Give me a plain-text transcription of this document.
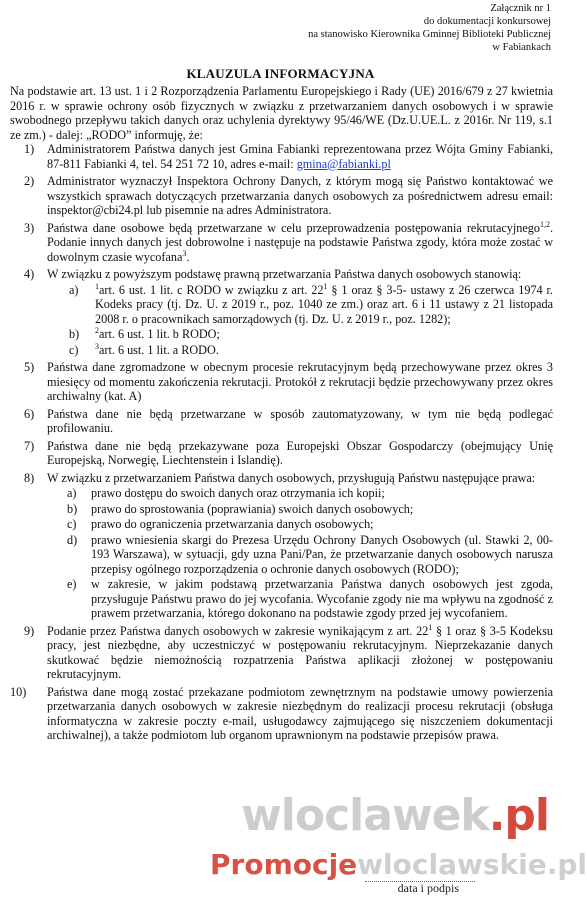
Załącznik nr 1
do dokumentacji konkursowej
na stanowisko Kierownika Gminnej Biblioteki Publicznej
w Fabiankach
KLAUZULA INFORMACYJNA

Na podstawie art. 13 ust. 1 i 2 Rozporządzenia Parlamentu Europejskiego i Rady (UE) 2016/679 z 27 kwietnia 2016 r. w sprawie ochrony osób fizycznych w związku z przetwarzaniem danych osobowych i w sprawie swobodnego przepływu takich danych oraz uchylenia dyrektywy 95/46/WE (Dz.U.UE.L. z 2016r. Nr 119, s.1 ze zm.) - dalej: „RODO” informuję, że:

1) Administratorem Państwa danych jest Gmina Fabianki reprezentowana przez Wójta Gminy Fabianki, 87-811 Fabianki 4, tel. 54 251 72 10, adres e-mail: gmina@fabianki.pl
2) Administrator wyznaczył Inspektora Ochrony Danych, z którym mogą się Państwo kontaktować we wszystkich sprawach dotyczących przetwarzania danych osobowych za pośrednictwem adresu email: inspektor@cbi24.pl lub pisemnie na adres Administratora.
3) Państwa dane osobowe będą przetwarzane w celu przeprowadzenia postępowania rekrutacyjnego$^{1,2}$. Podanie innych danych jest dobrowolne i następuje na podstawie Państwa zgody, która może zostać w dowolnym czasie wycofana$^3$.
4) W związku z powyższym podstawę prawną przetwarzania Państwa danych osobowych stanowią:
a) $^1$art. 6 ust. 1 lit. c RODO w związku z art. $22^1$ § 1 oraz § 3-5- ustawy z 26 czerwca 1974 r. Kodeks pracy (tj. Dz. U. z 2019 r., poz. 1040 ze zm.) oraz art. 6 i 11 ustawy z 21 listopada 2008 r. o pracownikach samorządowych (tj. Dz. U. z 2019 r., poz. 1282);
b) $^2$art. 6 ust. 1 lit. b RODO;
c) $^3$art. 6 ust. 1 lit. a RODO.
5) Państwa dane zgromadzone w obecnym procesie rekrutacyjnym będą przechowywane przez okres 3 miesięcy od momentu zakończenia rekrutacji. Protokół z rekrutacji będzie przechowywany przez okres archiwalny (kat. A)
6) Państwa dane nie będą przetwarzane w sposób zautomatyzowany, w tym nie będą podlegać profilowaniu.
7) Państwa dane nie będą przekazywane poza Europejski Obszar Gospodarczy (obejmujący Unię Europejską, Norwegię, Liechtenstein i Islandię).
8) W związku z przetwarzaniem Państwa danych osobowych, przysługują Państwu następujące prawa:
a) prawo dostępu do swoich danych oraz otrzymania ich kopii;
b) prawo do sprostowania (poprawiania) swoich danych osobowych;
c) prawo do ograniczenia przetwarzania danych osobowych;
d) prawo wniesienia skargi do Prezesa Urzędu Ochrony Danych Osobowych (ul. Stawki 2, 00-193 Warszawa), w sytuacji, gdy uzna Pani/Pan, że przetwarzanie danych osobowych narusza przepisy ogólnego rozporządzenia o ochronie danych osobowych (RODO);
e) w zakresie, w jakim podstawą przetwarzania Państwa danych osobowych jest zgoda, przysługuje Państwu prawo do jej wycofania. Wycofanie zgody nie ma wpływu na zgodność z prawem przetwarzania, którego dokonano na podstawie zgody przed jej wycofaniem.
9) Podanie przez Państwa danych osobowych w zakresie wynikającym z art. $22^1$ § 1 oraz § 3-5 Kodeksu pracy, jest niezbędne, aby uczestniczyć w postępowaniu rekrutacyjnym. Nieprzekazanie danych skutkować będzie niemożnością rozpatrzenia Państwa aplikacji złożonej w postępowaniu rekrutacyjnym.
10) Państwa dane mogą zostać przekazane podmiotom zewnętrznym na podstawie umowy powierzenia przetwarzania danych osobowych w zakresie niezbędnym do realizacji procesu rekrutacji (obsługa informatyczna w zakresie poczty e-mail, usługodawcy zajmującego się niszczeniem dokumentacji archiwalnej), a także podmiotom lub organom uprawnionym na podstawie przepisów prawa.
wloclawek.pl
Promocjewloclawskie.pl
data i podpis
